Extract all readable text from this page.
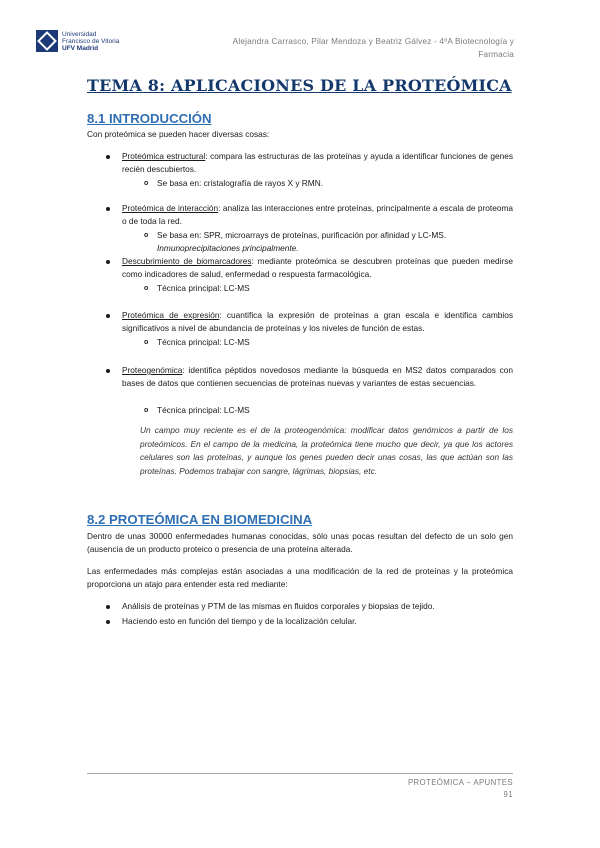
Universidad
Francisco de Vitoria
UFV Madrid
Alejandra Carrasco, Pilar Mendoza y Beatriz Gálvez - 4ºA Biotecnología y
Farmacia
TEMA 8: APLICACIONES DE LA PROTEÓMICA
8.1 INTRODUCCIÓN

Con proteómica se pueden hacer diversas cosas:

Proteómica estructural: compara las estructuras de las proteínas y ayuda a identificar funciones de genes recién descubiertos.
o Se basa en: cristalografía de rayos X y RMN.
Proteómica de interacción: analiza las interacciones entre proteínas, principalmente a escala de proteoma o de toda la red.
o Se basa en: SPR, microarrays de proteínas, purificación por afinidad y LC-MS.
Inmunoprecipitaciones principalmente.
Descubrimiento de biomarcadores: mediante proteómica se descubren proteínas que pueden medirse como indicadores de salud, enfermedad o respuesta farmacológica.
o Técnica principal: LC-MS
Proteómica de expresión: cuantifica la expresión de proteínas a gran escala e identifica cambios significativos a nivel de abundancia de proteínas y los niveles de función de estas.
o Técnica principal: LC-MS
Proteogenómica: identifica péptidos novedosos mediante la búsqueda en MS2 datos comparados con bases de datos que contienen secuencias de proteínas nuevas y variantes de estas secuencias.
o Técnica principal: LC-MS
Un campo muy reciente es el de la proteogenómica: modificar datos genómicos a partir de los proteómicos. En el campo de la medicina, la proteómica tiene mucho que decir, ya que los actores celulares son las proteínas, y aunque los genes pueden decir unas cosas, las que actúan son las proteínas. Podemos trabajar con sangre, lágrimas, biopsias, etc.
8.2 PROTEÓMICA EN BIOMEDICINA

Dentro de unas 30000 enfermedades humanas conocidas, sólo unas pocas resultan del defecto de un solo gen (ausencia de un producto proteico o presencia de una proteína alterada.

Las enfermedades más complejas están asociadas a una modificación de la red de proteínas y la proteómica proporciona un atajo para entender esta red mediante:

Análisis de proteínas y PTM de las mismas en fluidos corporales y biopsias de tejido.
Haciendo esto en función del tiempo y de la localización celular.
PROTEÓMICA – APUNTES
91
